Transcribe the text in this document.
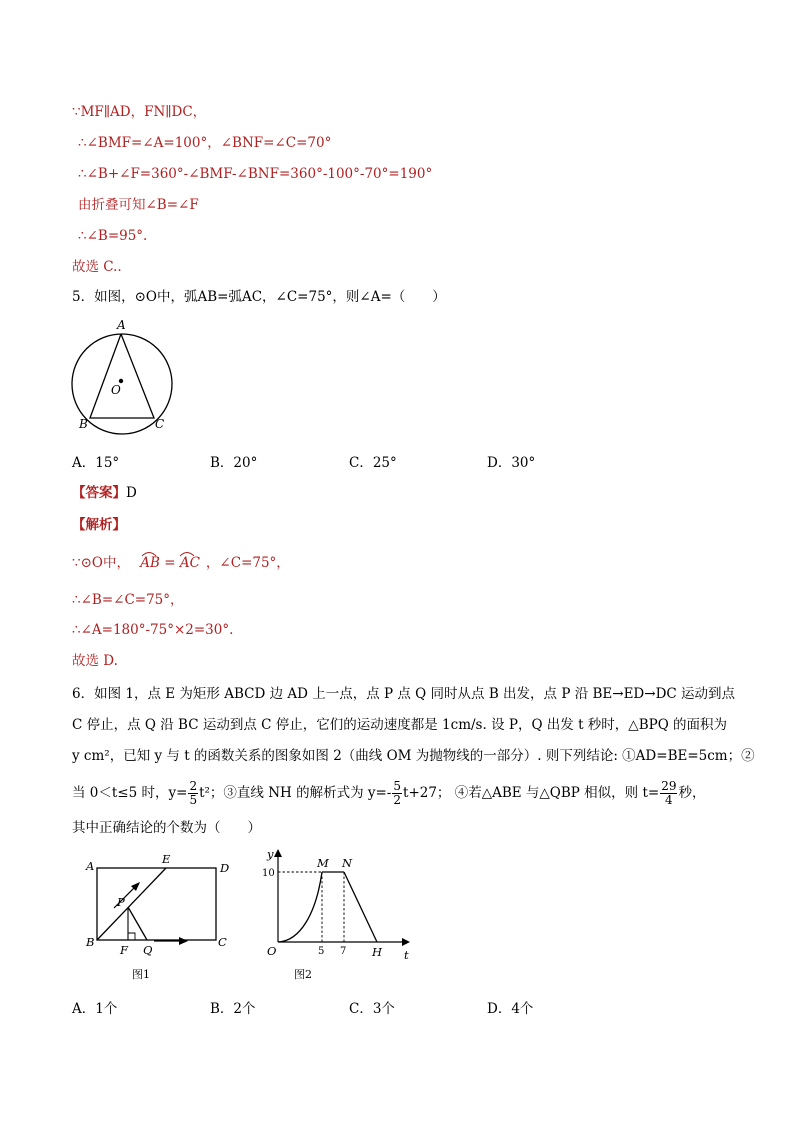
∵MF∥AD，FN∥DC，
∴∠BMF=∠A=100°，∠BNF=∠C=70°
∴∠B+∠F=360°-∠BMF-∠BNF=360°-100°-70°=190°
由折叠可知∠B=∠F
∴∠B=95°.
故选 C..
5．如图，⊙O中，弧AB=弧AC，∠C=75°，则∠A=（　　）
A
O
B	C
A．15°	B．20°	C．25°	D．30°
【答案】D
【解析】
∵⊙O中， AB = AC ，∠C=75°，
∴∠B=∠C=75°，
∴∠A=180°-75°×2=30°.
故选 D.
6．如图 1，点 E 为矩形 ABCD 边 AD 上一点，点 P 点 Q 同时从点 B 出发，点 P 沿 BE→ED→DC 运动到点
C 停止，点 Q 沿 BC 运动到点 C 停止，它们的运动速度都是 1cm/s. 设 P，Q 出发 t 秒时，△BPQ 的面积为
y cm²，已知 y 与 t 的函数关系的图象如图 2（曲线 OM 为抛物线的一部分）. 则下列结论: ①AD=BE=5cm；②
当 0＜t≤5 时，$y= \frac{2}{5} t^2$；③直线 NH 的解析式为 $y=- \frac{5}{2} t+27$； ④若△ABE 与△QBP 相似，则 $t= \frac{29}{4}$ 秒，
其中正确结论的个数为（　　）
A	E
D
P
B
F Q
C
图1
y
10
M N
O	5 7 H t
图2
A．1个	B．2个	C．3个	D．4个
